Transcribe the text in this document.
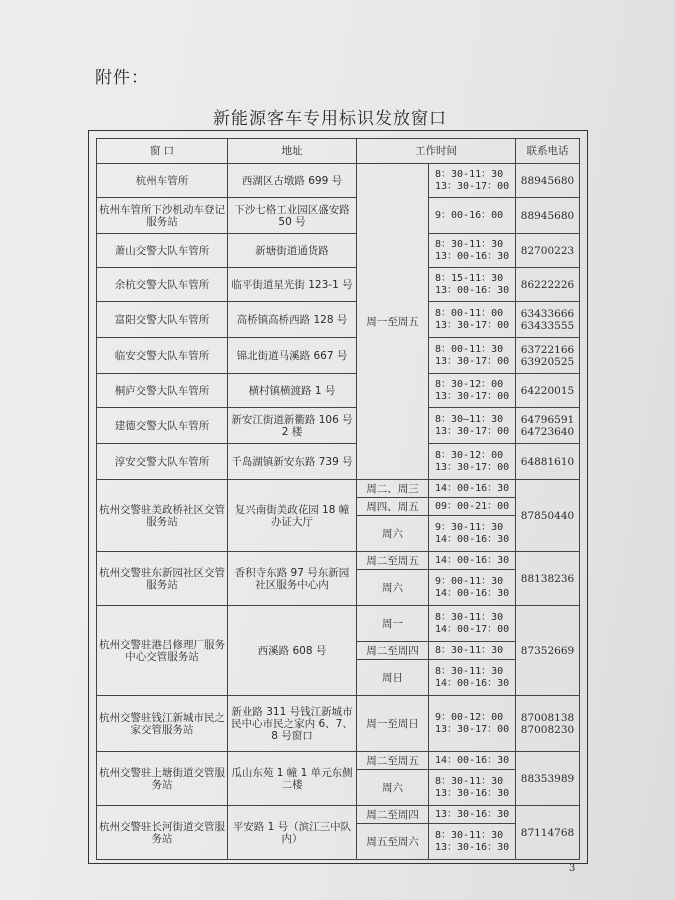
附件：
新能源客车专用标识发放窗口
窗 口	地址	工作时间		联系电话
杭州车管所	西湖区古墩路 699 号	周一至周五	8：30-11：30
13：30-17：00	88945680

杭州车管所下沙机动车登记服务站	下沙七格工业园区盛安路 50 号		9：00-16：00	88945680

萧山交警大队车管所	新塘街道通货路		8：30-11：30
13：00-16：30	82700223

余杭交警大队车管所	临平街道星光街 123-1 号		8：15-11：30
13：00-16：30	86222226

富阳交警大队车管所	高桥镇高桥西路 128 号		8：00-11：00
13：30-17：00	63433666
63433555

临安交警大队车管所	锦北街道马溪路 667 号		8：00-11：30
13：30-17：00	63722166
63920525

桐庐交警大队车管所	横村镇横渡路 1 号		8：30-12：00
13：30-17：00	64220015

建德交警大队车管所	新安江街道新衢路 106 号 2 楼		8：30—11：30
13：30-17：00	64796591
64723640

淳安交警大队车管所	千岛湖镇新安东路 739 号		8：30-12：00
13：30-17：00	64881610

杭州交警驻美政桥社区交管服务站	复兴南街美政花园 18 幢办证大厅	周二、周三	14：00-16：30	87850440

		周四、周五	09：00-21：00	

		周六	9：30-11：30
14：00-16：30	

杭州交警驻东新园社区交管服务站	香积寺东路 97 号东新园社区服务中心内	周二至周五	14：00-16：30	88138236

		周六	9：00-11：30
14：00-16：30	

杭州交警驻港吕修理厂服务中心交管服务站	西溪路 608 号	周一	8：30-11：30
14：00-17：00	87352669

		周二至周四	8：30-11：30	

		周日	8：30-11：30
14：00-16：30	

杭州交警驻钱江新城市民之家交管服务站	新业路 311 号钱江新城市民中心市民之家内 6、7、8 号窗口	周一至周日	9：00-12：00
13：30-17：00	87008138
87008230

杭州交警驻上塘街道交管服务站	瓜山东苑 1 幢 1 单元东侧二楼	周二至周五	14：00-16：30	88353989

		周六	8：30-11：30
13：30-16：30	

杭州交警驻长河街道交管服务站	平安路 1 号（滨江三中队内）	周二至周四	13：30-16：30	87114768

		周五至周六	8：30-11：30
13：30-16：30	
3
